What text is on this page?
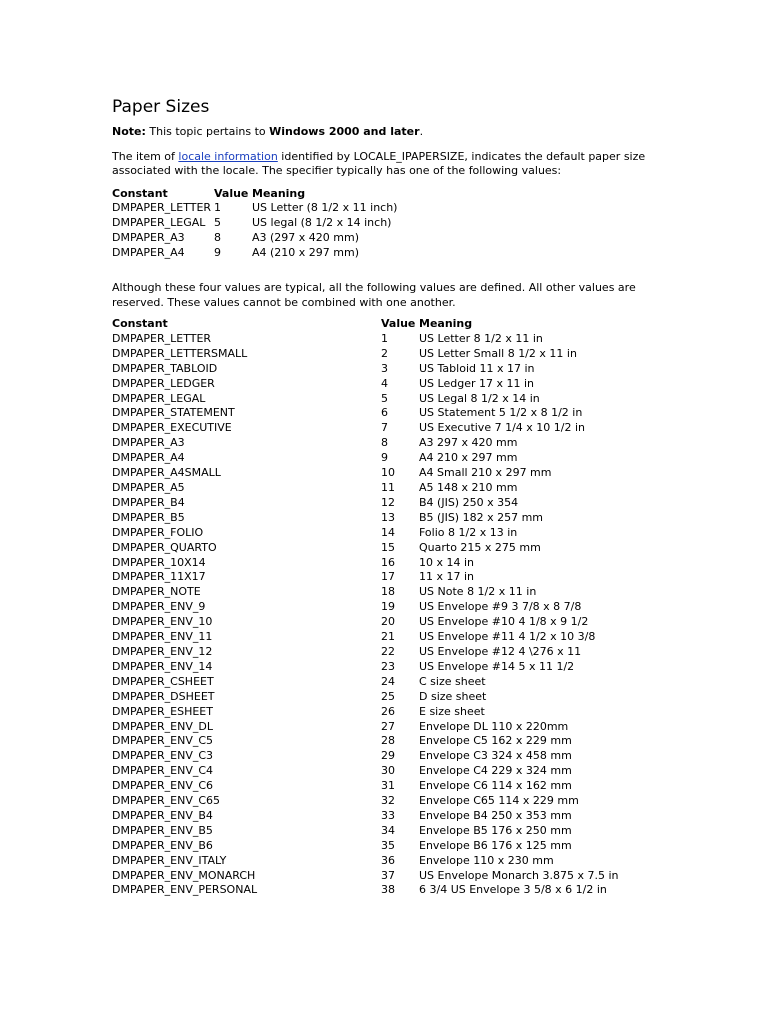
Paper Sizes

Note: This topic pertains to Windows 2000 and later.

The item of locale information identified by LOCALE_IPAPERSIZE, indicates the default paper size associated with the locale. The specifier typically has one of the following values:

Constant	Value	Meaning
DMPAPER_LETTER	1	US Letter (8 1/2 x 11 inch)
DMPAPER_LEGAL	5	US legal (8 1/2 x 14 inch)
DMPAPER_A3	8	A3 (297 x 420 mm)
DMPAPER_A4	9	A4 (210 x 297 mm)

Although these four values are typical, all the following values are defined. All other values are reserved. These values cannot be combined with one another.

Constant	Value	Meaning
DMPAPER_LETTER	1	US Letter 8 1/2 x 11 in
DMPAPER_LETTERSMALL	2	US Letter Small 8 1/2 x 11 in
DMPAPER_TABLOID	3	US Tabloid 11 x 17 in
DMPAPER_LEDGER	4	US Ledger 17 x 11 in
DMPAPER_LEGAL	5	US Legal 8 1/2 x 14 in
DMPAPER_STATEMENT	6	US Statement 5 1/2 x 8 1/2 in
DMPAPER_EXECUTIVE	7	US Executive 7 1/4 x 10 1/2 in
DMPAPER_A3	8	A3 297 x 420 mm
DMPAPER_A4	9	A4 210 x 297 mm
DMPAPER_A4SMALL	10	A4 Small 210 x 297 mm
DMPAPER_A5	11	A5 148 x 210 mm
DMPAPER_B4	12	B4 (JIS) 250 x 354
DMPAPER_B5	13	B5 (JIS) 182 x 257 mm
DMPAPER_FOLIO	14	Folio 8 1/2 x 13 in
DMPAPER_QUARTO	15	Quarto 215 x 275 mm
DMPAPER_10X14	16	10 x 14 in
DMPAPER_11X17	17	11 x 17 in
DMPAPER_NOTE	18	US Note 8 1/2 x 11 in
DMPAPER_ENV_9	19	US Envelope #9 3 7/8 x 8 7/8
DMPAPER_ENV_10	20	US Envelope #10 4 1/8 x 9 1/2
DMPAPER_ENV_11	21	US Envelope #11 4 1/2 x 10 3/8
DMPAPER_ENV_12	22	US Envelope #12 4 \276 x 11
DMPAPER_ENV_14	23	US Envelope #14 5 x 11 1/2
DMPAPER_CSHEET	24	C size sheet
DMPAPER_DSHEET	25	D size sheet
DMPAPER_ESHEET	26	E size sheet
DMPAPER_ENV_DL	27	Envelope DL 110 x 220mm
DMPAPER_ENV_C5	28	Envelope C5 162 x 229 mm
DMPAPER_ENV_C3	29	Envelope C3 324 x 458 mm
DMPAPER_ENV_C4	30	Envelope C4 229 x 324 mm
DMPAPER_ENV_C6	31	Envelope C6 114 x 162 mm
DMPAPER_ENV_C65	32	Envelope C65 114 x 229 mm
DMPAPER_ENV_B4	33	Envelope B4 250 x 353 mm
DMPAPER_ENV_B5	34	Envelope B5 176 x 250 mm
DMPAPER_ENV_B6	35	Envelope B6 176 x 125 mm
DMPAPER_ENV_ITALY	36	Envelope 110 x 230 mm
DMPAPER_ENV_MONARCH	37	US Envelope Monarch 3.875 x 7.5 in
DMPAPER_ENV_PERSONAL	38	6 3/4 US Envelope 3 5/8 x 6 1/2 in
